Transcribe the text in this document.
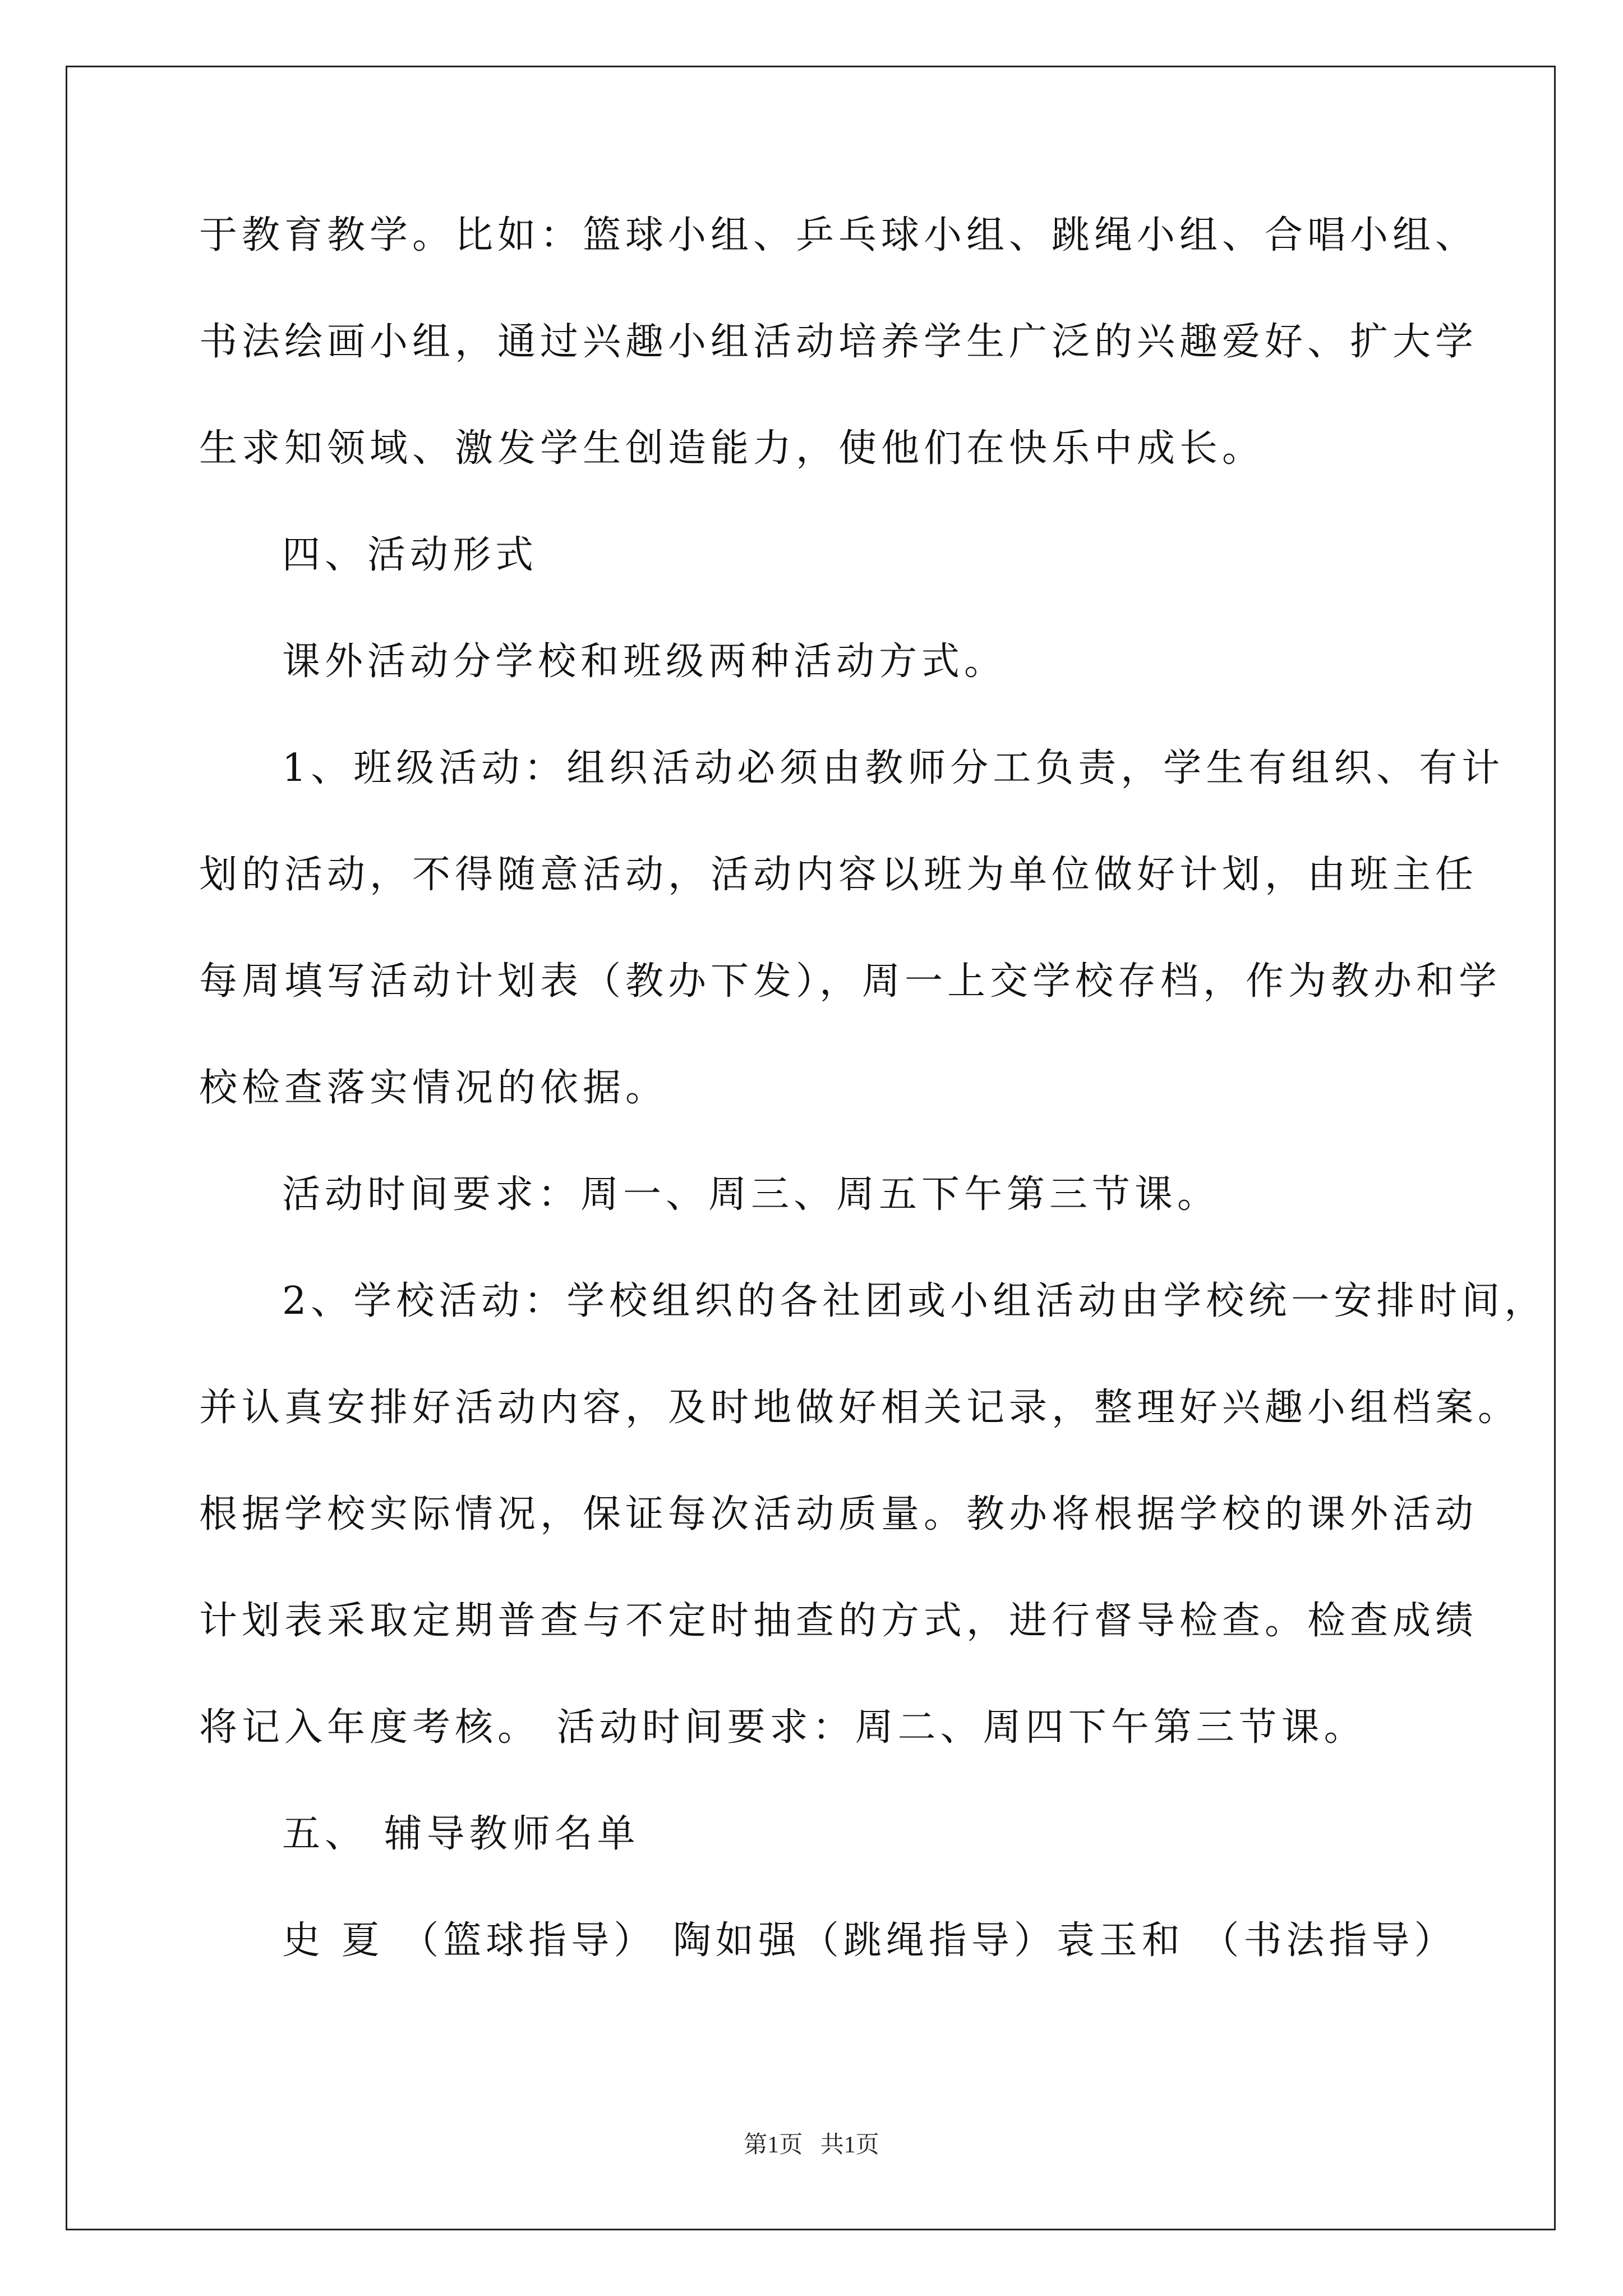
于教育教学。比如：篮球小组、乒乓球小组、跳绳小组、合唱小组、
书法绘画小组，通过兴趣小组活动培养学生广泛的兴趣爱好、扩大学
生求知领域、激发学生创造能力，使他们在快乐中成长。
四、活动形式
课外活动分学校和班级两种活动方式。
1、班级活动：组织活动必须由教师分工负责，学生有组织、有计
划的活动，不得随意活动，活动内容以班为单位做好计划，由班主任
每周填写活动计划表（教办下发），周一上交学校存档，作为教办和学
校检查落实情况的依据。
活动时间要求：周一、周三、周五下午第三节课。
2、学校活动：学校组织的各社团或小组活动由学校统一安排时间，
并认真安排好活动内容，及时地做好相关记录，整理好兴趣小组档案。
根据学校实际情况，保证每次活动质量。教办将根据学校的课外活动
计划表采取定期普查与不定时抽查的方式，进行督导检查。检查成绩
将记入年度考核。 活动时间要求：周二、周四下午第三节课。
五、 辅导教师名单
史 夏 （篮球指导） 陶如强（跳绳指导）袁玉和 （书法指导）
第1页   共1页
